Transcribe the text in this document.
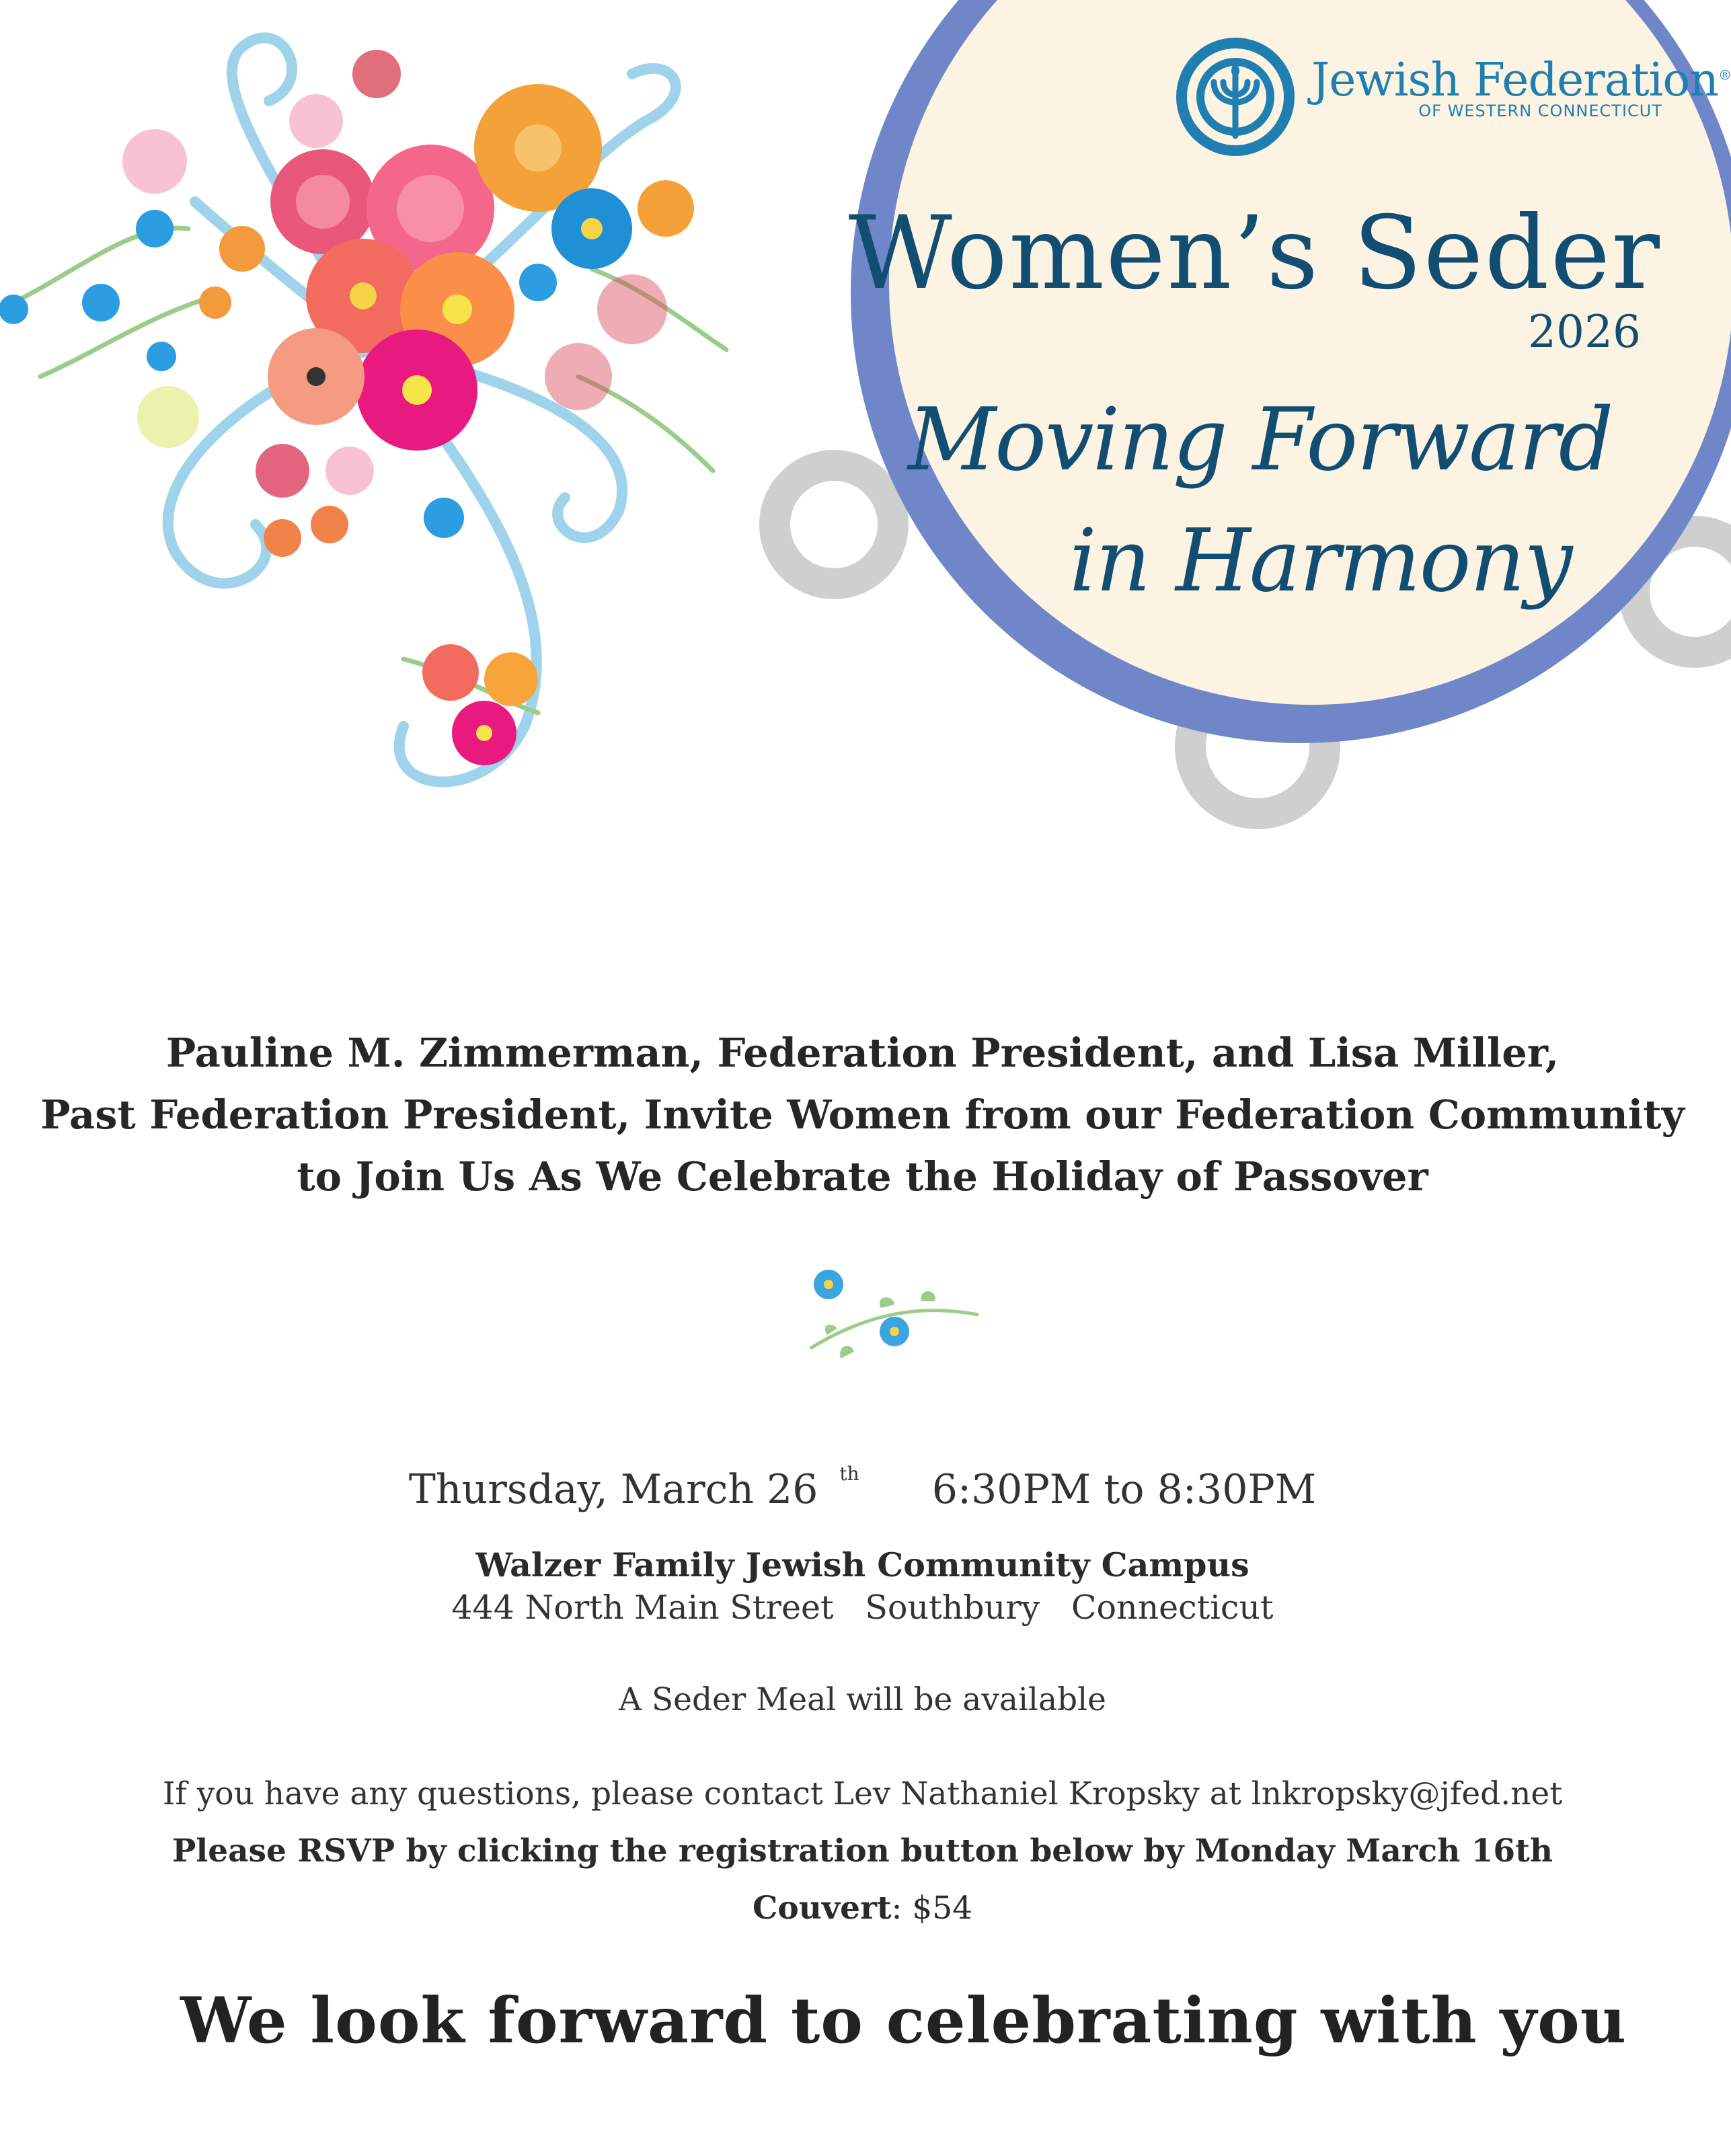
Jewish Federation®
OF WESTERN CONNECTICUT
Women’s Seder
2026
Moving Forward
in Harmony
Pauline M. Zimmerman, Federation President, and Lisa Miller,
Past Federation President, Invite Women from our Federation Community
to Join Us As We Celebrate the Holiday of Passover
Thursday, March 26 $^{th}$ 6:30PM to 8:30PM
Walzer Family Jewish Community Campus
444 North Main Street   Southbury   Connecticut
A Seder Meal will be available
If you have any questions, please contact Lev Nathaniel Kropsky at lnkropsky@jfed.net
Please RSVP by clicking the registration button below by Monday March 16th
Couvert: $54
We look forward to celebrating with you
